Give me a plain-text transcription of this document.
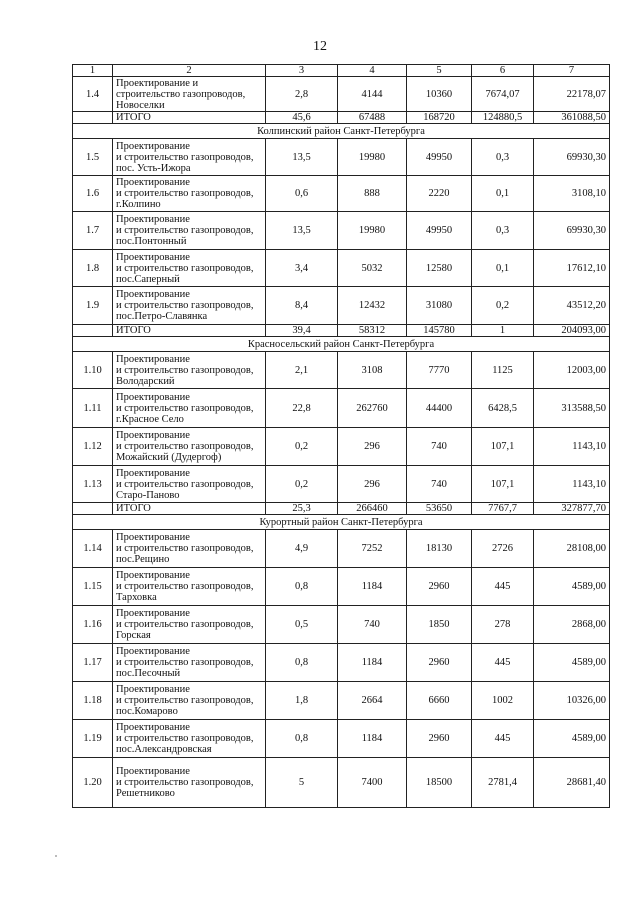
12
1	2	3	4	5	6	7
1.4	Проектирование и
строительство газопроводов,
Новоселки	2,8	4144	10360	7674,07	22178,07
	ИТОГО	45,6	67488	168720	124880,5	361088,50
Колпинский район Санкт-Петербурга						
1.5	Проектирование
и строительство газопроводов,
пос. Усть-Ижора	13,5	19980	49950	0,3	69930,30
1.6	Проектирование
и строительство газопроводов,
г.Колпино	0,6	888	2220	0,1	3108,10
1.7	Проектирование
и строительство газопроводов,
пос.Понтонный	13,5	19980	49950	0,3	69930,30
1.8	Проектирование
и строительство газопроводов,
пос.Саперный	3,4	5032	12580	0,1	17612,10
1.9	Проектирование
и строительство газопроводов,
пос.Петро-Славянка	8,4	12432	31080	0,2	43512,20
	ИТОГО	39,4	58312	145780	1	204093,00
Красносельский район Санкт-Петербурга						
1.10	Проектирование
и строительство газопроводов,
Володарский	2,1	3108	7770	1125	12003,00
1.11	Проектирование
и строительство газопроводов,
г.Красное Село	22,8	262760	44400	6428,5	313588,50
1.12	Проектирование
и строительство газопроводов,
Можайский (Дудергоф)	0,2	296	740	107,1	1143,10
1.13	Проектирование
и строительство газопроводов,
Старо-Паново	0,2	296	740	107,1	1143,10
	ИТОГО	25,3	266460	53650	7767,7	327877,70
Курортный район Санкт-Петербурга						
1.14	Проектирование
и строительство газопроводов,
пос.Рещино	4,9	7252	18130	2726	28108,00
1.15	Проектирование
и строительство газопроводов,
Тарховка	0,8	1184	2960	445	4589,00
1.16	Проектирование
и строительство газопроводов,
Горская	0,5	740	1850	278	2868,00
1.17	Проектирование
и строительство газопроводов,
пос.Песочный	0,8	1184	2960	445	4589,00
1.18	Проектирование
и строительство газопроводов,
пос.Комарово	1,8	2664	6660	1002	10326,00
1.19	Проектирование
и строительство газопроводов,
пос.Александровская	0,8	1184	2960	445	4589,00
1.20	Проектирование
и строительство газопроводов,
Решетниково	5	7400	18500	2781,4	28681,40
